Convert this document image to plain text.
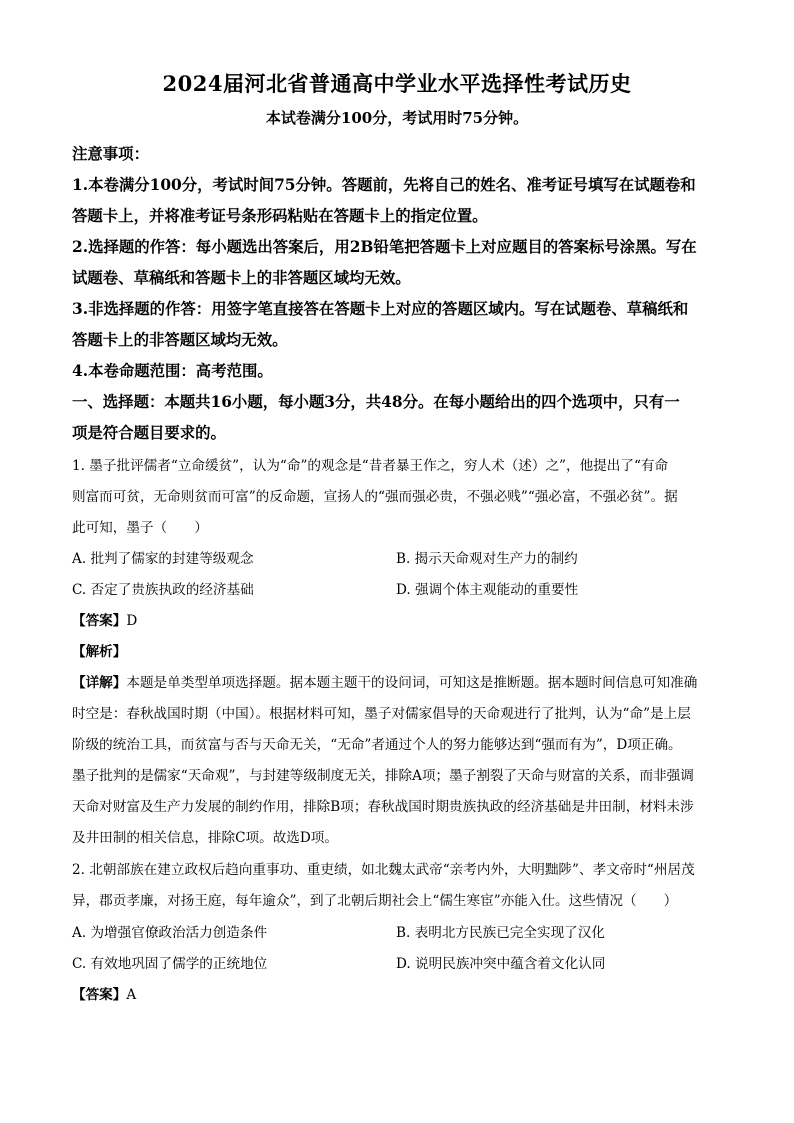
2024届河北省普通高中学业水平选择性考试历史
本试卷满分100分，考试用时75分钟。
注意事项：
1.本卷满分100分，考试时间75分钟。答题前，先将自己的姓名、准考证号填写在试题卷和
答题卡上，并将准考证号条形码粘贴在答题卡上的指定位置。
2.选择题的作答：每小题选出答案后，用2B铅笔把答题卡上对应题目的答案标号涂黑。写在
试题卷、草稿纸和答题卡上的非答题区域均无效。
3.非选择题的作答：用签字笔直接答在答题卡上对应的答题区域内。写在试题卷、草稿纸和
答题卡上的非答题区域均无效。
4.本卷命题范围：高考范围。
一、选择题：本题共16小题，每小题3分，共48分。在每小题给出的四个选项中，只有一
项是符合题目要求的。
1. 墨子批评儒者“立命缓贫”，认为“命”的观念是“昔者暴王作之，穷人术（述）之”，他提出了“有命
则富而可贫，无命则贫而可富”的反命题，宣扬人的“强而强必贵，不强必贱”“强必富，不强必贫”。据
此可知，墨子（　　）
A. 批判了儒家的封建等级观念	B. 揭示天命观对生产力的制约
C. 否定了贵族执政的经济基础	D. 强调个体主观能动的重要性
【答案】D
【解析】
【详解】本题是单类型单项选择题。据本题主题干的设问词，可知这是推断题。据本题时间信息可知准确
时空是：春秋战国时期（中国）。根据材料可知，墨子对儒家倡导的天命观进行了批判，认为“命”是上层
阶级的统治工具，而贫富与否与天命无关，“无命”者通过个人的努力能够达到“强而有为”，D项正确。
墨子批判的是儒家“天命观”，与封建等级制度无关，排除A项；墨子割裂了天命与财富的关系，而非强调
天命对财富及生产力发展的制约作用，排除B项；春秋战国时期贵族执政的经济基础是井田制，材料未涉
及井田制的相关信息，排除C项。故选D项。
2. 北朝部族在建立政权后趋向重事功、重吏绩，如北魏太武帝“亲考内外，大明黜陟”、孝文帝时“州居茂
异，郡贡孝廉，对扬王庭，每年逾众”，到了北朝后期社会上“儒生寒宦”亦能入仕。这些情况（　　）
A. 为增强官僚政治活力创造条件	B. 表明北方民族已完全实现了汉化
C. 有效地巩固了儒学的正统地位	D. 说明民族冲突中蕴含着文化认同
【答案】A
